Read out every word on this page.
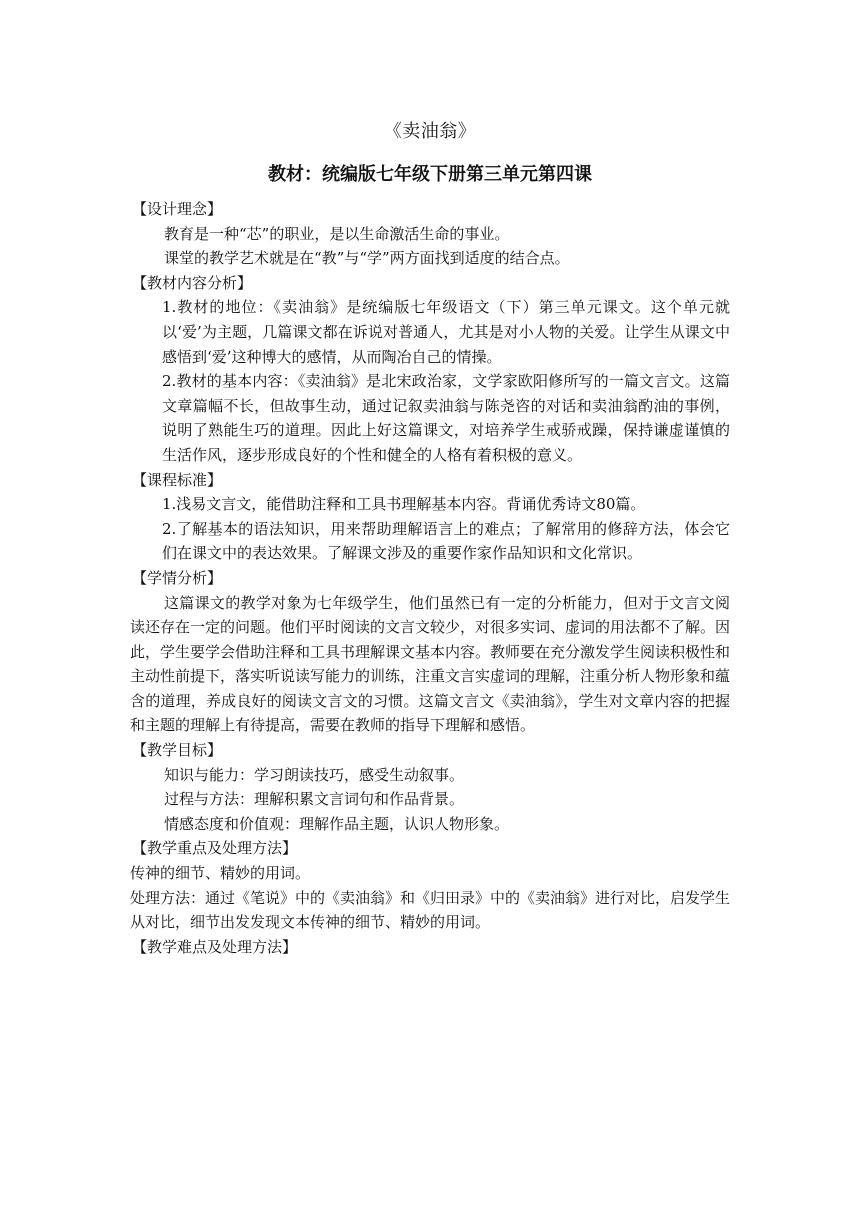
《卖油翁》
教材：统编版七年级下册第三单元第四课

【设计理念】

教育是一种“芯”的职业，是以生命激活生命的事业。

课堂的教学艺术就是在“教”与“学”两方面找到适度的结合点。

【教材内容分析】

1.教材的地位：《卖油翁》是统编版七年级语文（下）第三单元课文。这个单元就以‘爱’为主题，几篇课文都在诉说对普通人，尤其是对小人物的关爱。让学生从课文中感悟到‘爱’这种博大的感情，从而陶冶自己的情操。

2.教材的基本内容：《卖油翁》是北宋政治家，文学家欧阳修所写的一篇文言文。这篇文章篇幅不长，但故事生动，通过记叙卖油翁与陈尧咨的对话和卖油翁酌油的事例，说明了熟能生巧的道理。因此上好这篇课文，对培养学生戒骄戒躁，保持谦虚谨慎的生活作风，逐步形成良好的个性和健全的人格有着积极的意义。

【课程标准】

1.浅易文言文，能借助注释和工具书理解基本内容。背诵优秀诗文80篇。

2.了解基本的语法知识，用来帮助理解语言上的难点；了解常用的修辞方法，体会它们在课文中的表达效果。了解课文涉及的重要作家作品知识和文化常识。

【学情分析】

这篇课文的教学对象为七年级学生，他们虽然已有一定的分析能力，但对于文言文阅读还存在一定的问题。他们平时阅读的文言文较少，对很多实词、虚词的用法都不了解。因此，学生要学会借助注释和工具书理解课文基本内容。教师要在充分激发学生阅读积极性和主动性前提下，落实听说读写能力的训练，注重文言实虚词的理解，注重分析人物形象和蕴含的道理，养成良好的阅读文言文的习惯。这篇文言文《卖油翁》，学生对文章内容的把握和主题的理解上有待提高，需要在教师的指导下理解和感悟。

【教学目标】

知识与能力：学习朗读技巧，感受生动叙事。

过程与方法：理解积累文言词句和作品背景。

情感态度和价值观：理解作品主题，认识人物形象。

【教学重点及处理方法】

传神的细节、精妙的用词。

处理方法：通过《笔说》中的《卖油翁》和《归田录》中的《卖油翁》进行对比，启发学生从对比，细节出发发现文本传神的细节、精妙的用词。

【教学难点及处理方法】
